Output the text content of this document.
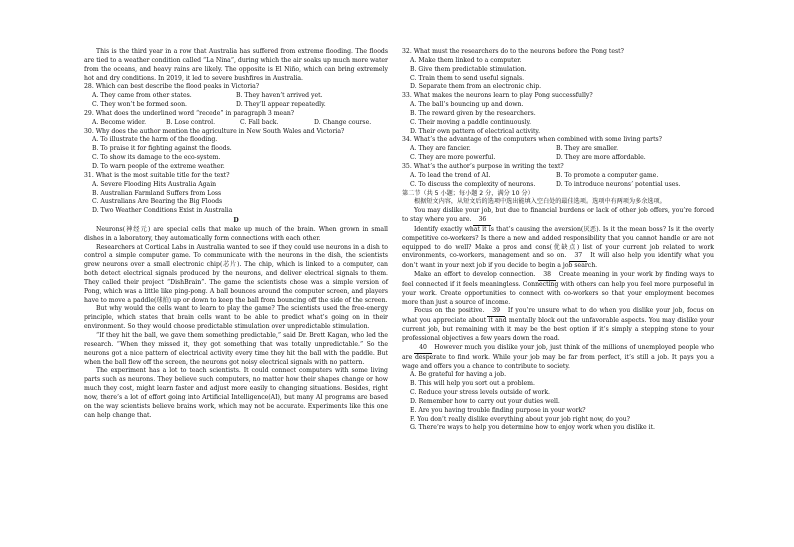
This is the third year in a row that Australia has suffered from extreme flooding. The floods are tied to a weather condition called “La Nina”, during which the air soaks up much more water from the oceans, and heavy rains are likely. The opposite is El Niño, which can bring extremely hot and dry conditions. In 2019, it led to severe bushfires in Australia.

28. Which can best describe the flood peaks in Victoria?
A. They came from other states.	B. They haven’t arrived yet.
C. They won’t be formed soon.	D. They’ll appear repeatedly.
29. What does the underlined word “recede” in paragraph 3 mean?
A. Become wider.	B. Lose control.	C. Fall back.	D. Change course.
30. Why does the author mention the agriculture in New South Wales and Victoria?
A. To illustrate the harm of the flooding.
B. To praise it for fighting against the floods.
C. To show its damage to the eco-system.
D. To warn people of the extreme weather.
31. What is the most suitable title for the text?
A. Severe Flooding Hits Australia Again
B. Australian Farmland Suffers from Loss
C. Australians Are Bearing the Big Floods
D. Two Weather Conditions Exist in Australia
D

Neurons(神经元) are special cells that make up much of the brain. When grown in small dishes in a laboratory, they automatically form connections with each other.

Researchers at Cortical Labs in Australia wanted to see if they could use neurons in a dish to control a simple computer game. To communicate with the neurons in the dish, the scientists grew neurons over a small electronic chip(芯片). The chip, which is linked to a computer, can both detect electrical signals produced by the neurons, and deliver electrical signals to them. They called their project “DishBrain”. The game the scientists chose was a simple version of Pong, which was a little like ping-pong. A ball bounces around the computer screen, and players have to move a paddle(球拍) up or down to keep the ball from bouncing off the side of the screen.

But why would the cells want to learn to play the game? The scientists used the free-energy principle, which states that brain cells want to be able to predict what’s going on in their environment. So they would choose predictable stimulation over unpredictable stimulation.

“If they hit the ball, we gave them something predictable,” said Dr. Brett Kagan, who led the research. “When they missed it, they got something that was totally unpredictable.” So the neurons got a nice pattern of electrical activity every time they hit the ball with the paddle. But when the ball flew off the screen, the neurons got noisy electrical signals with no pattern.

The experiment has a lot to teach scientists. It could connect computers with some living parts such as neurons. They believe such computers, no matter how their shapes change or how much they cost, might learn faster and adjust more easily to changing situations. Besides, right now, there’s a lot of effort going into Artificial Intelligence(AI), but many AI programs are based on the way scientists believe brains work, which may not be accurate. Experiments like this one can help change that.

32. What must the researchers do to the neurons before the Pong test?
A. Make them linked to a computer.
B. Give them predictable stimulation.
C. Train them to send useful signals.
D. Separate them from an electronic chip.
33. What makes the neurons learn to play Pong successfully?
A. The ball’s bouncing up and down.
B. The reward given by the researchers.
C. Their moving a paddle continuously.
D. Their own pattern of electrical activity.
34. What’s the advantage of the computers when combined with some living parts?
A. They are fancier.	B. They are smaller.
C. They are more powerful.	D. They are more affordable.
35. What’s the author’s purpose in writing the text?
A. To lead the trend of AI.	B. To promote a computer game.
C. To discuss the complexity of neurons.	D. To introduce neurons’ potential uses.
第二节（共 5 小题；每小题 2 分，满分 10 分）

根据短文内容，从短文后的选项中选出能填入空白处的最佳选项。选项中有两项为多余选项。

You may dislike your job, but due to financial burdens or lack of other job offers, you’re forced to stay where you are. 36

Identify exactly what it is that’s causing the aversion(厌恶). Is it the mean boss? Is it the overly competitive co-workers? Is there a new and added responsibility that you cannot handle or are not equipped to do well? Make a pros and cons(优缺点) list of your current job related to work environments, co-workers, management and so on. 37 It will also help you identify what you don’t want in your next job if you decide to begin a job search.

Make an effort to develop connection. 38 Create meaning in your work by finding ways to feel connected if it feels meaningless. Connecting with others can help you feel more purposeful in your work. Create opportunities to connect with co-workers so that your employment becomes more than just a source of income.

Focus on the positive. 39 If you’re unsure what to do when you dislike your job, focus on what you appreciate about it and mentally block out the unfavorable aspects. You may dislike your current job, but remaining with it may be the best option if it’s simply a stepping stone to your professional objectives a few years down the road.

40 However much you dislike your job, just think of the millions of unemployed people who are desperate to find work. While your job may be far from perfect, it’s still a job. It pays you a wage and offers you a chance to contribute to society.

A. Be grateful for having a job.
B. This will help you sort out a problem.
C. Reduce your stress levels outside of work.
D. Remember how to carry out your duties well.
E. Are you having trouble finding purpose in your work?
F. You don’t really dislike everything about your job right now, do you?
G. There’re ways to help you determine how to enjoy work when you dislike it.
